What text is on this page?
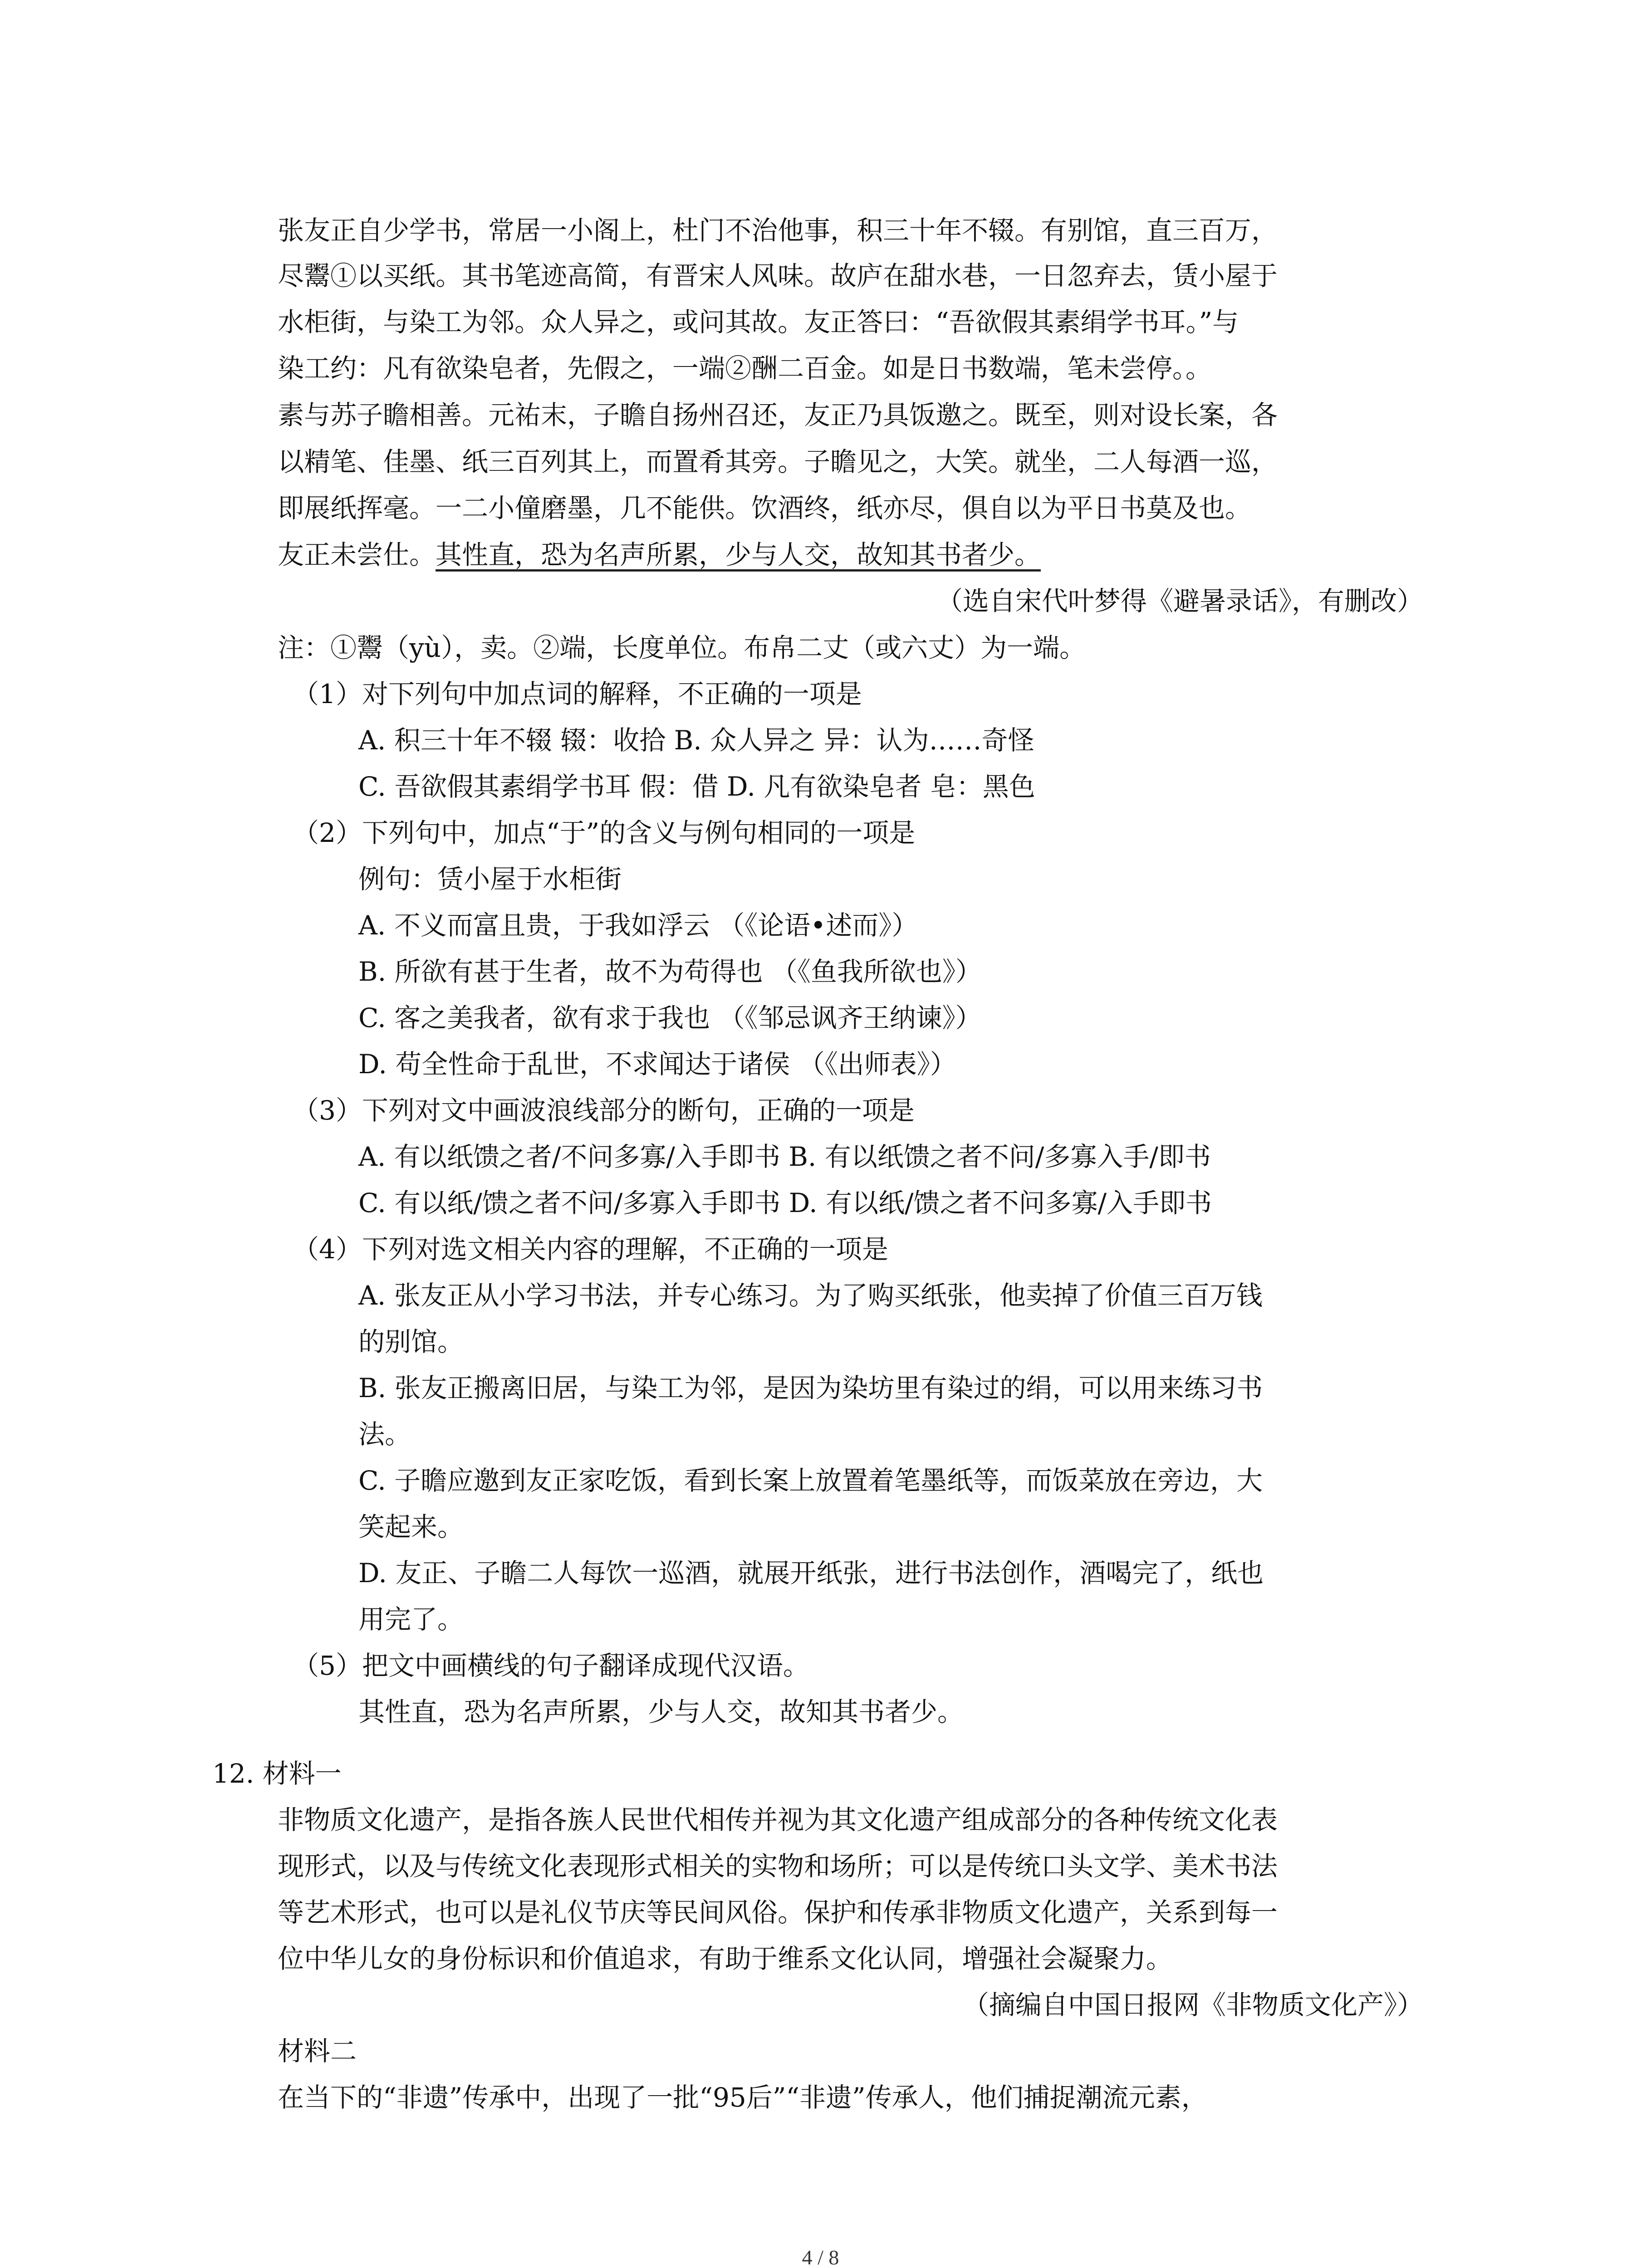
张友正自少学书，常居一小阁上，杜门不治他事，积三十年不辍。有别馆，直三百万，
尽鬻①以买纸。其书笔迹高简，有晋宋人风味。故庐在甜水巷，一日忽弃去，赁小屋于
水柜街，与染工为邻。众人异之，或问其故。友正答曰：“吾欲假其素绢学书耳。”与
染工约：凡有欲染皂者，先假之，一端②酬二百金。如是日书数端，笔未尝停。。
素与苏子瞻相善。元祐末，子瞻自扬州召还，友正乃具饭邀之。既至，则对设长案，各
以精笔、佳墨、纸三百列其上，而置肴其旁。子瞻见之，大笑。就坐，二人每酒一巡，
即展纸挥毫。一二小僮磨墨，几不能供。饮酒终，纸亦尽，俱自以为平日书莫及也。
友正未尝仕。其性直，恐为名声所累，少与人交，故知其书者少。
（选自宋代叶梦得《避暑录话》，有删改）
注：①鬻（yù），卖。②端，长度单位。布帛二丈（或六丈）为一端。
（1）对下列句中加点词的解释，不正确的一项是
A. 积三十年不辍 辍：收拾 B. 众人异之 异：认为……奇怪
C. 吾欲假其素绢学书耳 假：借 D. 凡有欲染皂者 皂：黑色
（2）下列句中，加点“于”的含义与例句相同的一项是
例句：赁小屋于水柜街
A. 不义而富且贵，于我如浮云 （《论语•述而》）
B. 所欲有甚于生者，故不为苟得也 （《鱼我所欲也》）
C. 客之美我者，欲有求于我也 （《邹忌讽齐王纳谏》）
D. 苟全性命于乱世，不求闻达于诸侯 （《出师表》）
（3）下列对文中画波浪线部分的断句，正确的一项是
A. 有以纸馈之者/不问多寡/入手即书 B. 有以纸馈之者不问/多寡入手/即书
C. 有以纸/馈之者不问/多寡入手即书 D. 有以纸/馈之者不问多寡/入手即书
（4）下列对选文相关内容的理解，不正确的一项是
A. 张友正从小学习书法，并专心练习。为了购买纸张，他卖掉了价值三百万钱
的别馆。
B. 张友正搬离旧居，与染工为邻，是因为染坊里有染过的绢，可以用来练习书
法。
C. 子瞻应邀到友正家吃饭，看到长案上放置着笔墨纸等，而饭菜放在旁边，大
笑起来。
D. 友正、子瞻二人每饮一巡酒，就展开纸张，进行书法创作，酒喝完了，纸也
用完了。
（5）把文中画横线的句子翻译成现代汉语。
其性直，恐为名声所累，少与人交，故知其书者少。
12. 材料一
非物质文化遗产，是指各族人民世代相传并视为其文化遗产组成部分的各种传统文化表
现形式，以及与传统文化表现形式相关的实物和场所；可以是传统口头文学、美术书法
等艺术形式，也可以是礼仪节庆等民间风俗。保护和传承非物质文化遗产，关系到每一
位中华儿女的身份标识和价值追求，有助于维系文化认同，增强社会凝聚力。
（摘编自中国日报网《非物质文化产》）
材料二
在当下的“非遗”传承中，出现了一批“95后”“非遗”传承人，他们捕捉潮流元素，
4 / 8
